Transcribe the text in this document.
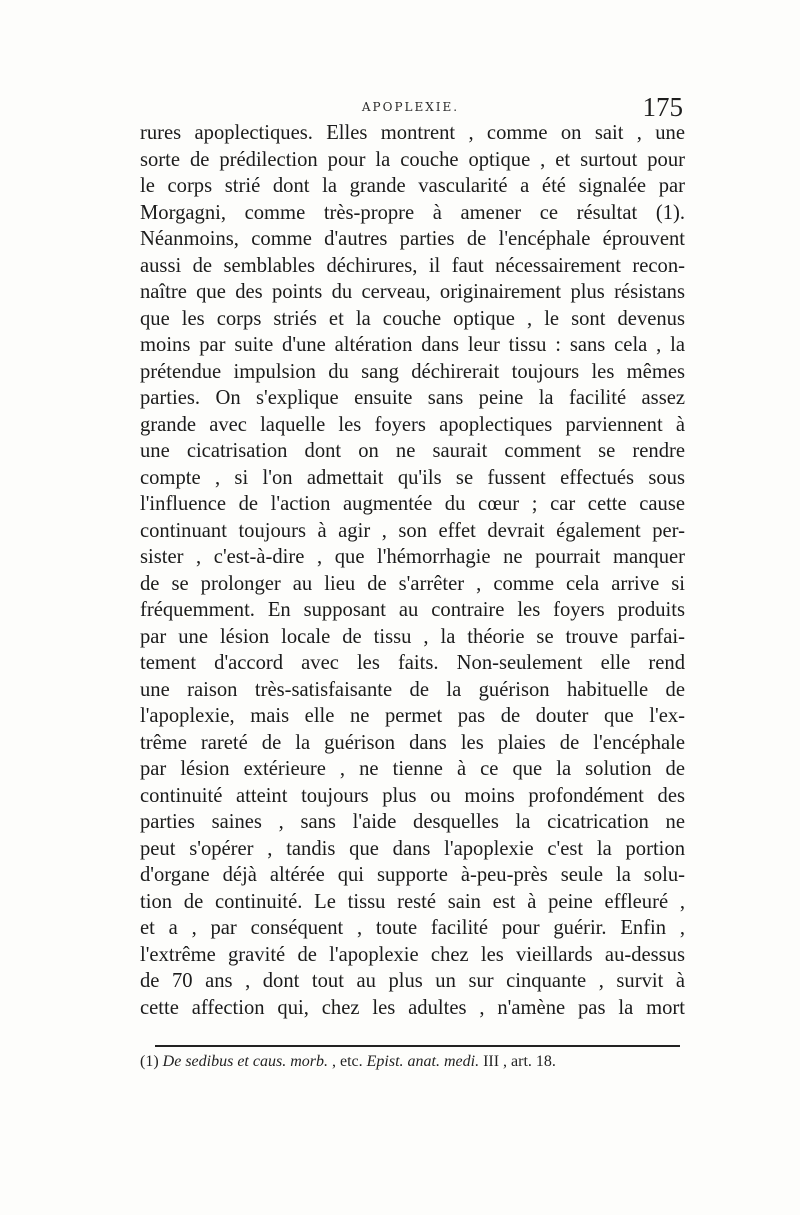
APOPLEXIE.	175
rures apoplectiques. Elles montrent , comme on sait , une
sorte de prédilection pour la couche optique , et surtout pour
le corps strié dont la grande vascularité a été signalée par
Morgagni, comme très-propre à amener ce résultat (1).
Néanmoins, comme d'autres parties de l'encéphale éprouvent
aussi de semblables déchirures, il faut nécessairement recon-
naître que des points du cerveau, originairement plus résistans
que les corps striés et la couche optique , le sont devenus
moins par suite d'une altération dans leur tissu : sans cela , la
prétendue impulsion du sang déchirerait toujours les mêmes
parties. On s'explique ensuite sans peine la facilité assez
grande avec laquelle les foyers apoplectiques parviennent à
une cicatrisation dont on ne saurait comment se rendre
compte , si l'on admettait qu'ils se fussent effectués sous
l'influence de l'action augmentée du cœur ; car cette cause
continuant toujours à agir , son effet devrait également per-
sister , c'est-à-dire , que l'hémorrhagie ne pourrait manquer
de se prolonger au lieu de s'arrêter , comme cela arrive si
fréquemment. En supposant au contraire les foyers produits
par une lésion locale de tissu , la théorie se trouve parfai-
tement d'accord avec les faits. Non-seulement elle rend
une raison très-satisfaisante de la guérison habituelle de
l'apoplexie, mais elle ne permet pas de douter que l'ex-
trême rareté de la guérison dans les plaies de l'encéphale
par lésion extérieure , ne tienne à ce que la solution de
continuité atteint toujours plus ou moins profondément des
parties saines , sans l'aide desquelles la cicatrication ne
peut s'opérer , tandis que dans l'apoplexie c'est la portion
d'organe déjà altérée qui supporte à-peu-près seule la solu-
tion de continuité. Le tissu resté sain est à peine effleuré ,
et a , par conséquent , toute facilité pour guérir. Enfin ,
l'extrême gravité de l'apoplexie chez les vieillards au-dessus
de 70 ans , dont tout au plus un sur cinquante , survit à
cette affection qui, chez les adultes , n'amène pas la mort
(1) De sedibus et caus. morb. , etc. Epist. anat. medi. III , art. 18.
